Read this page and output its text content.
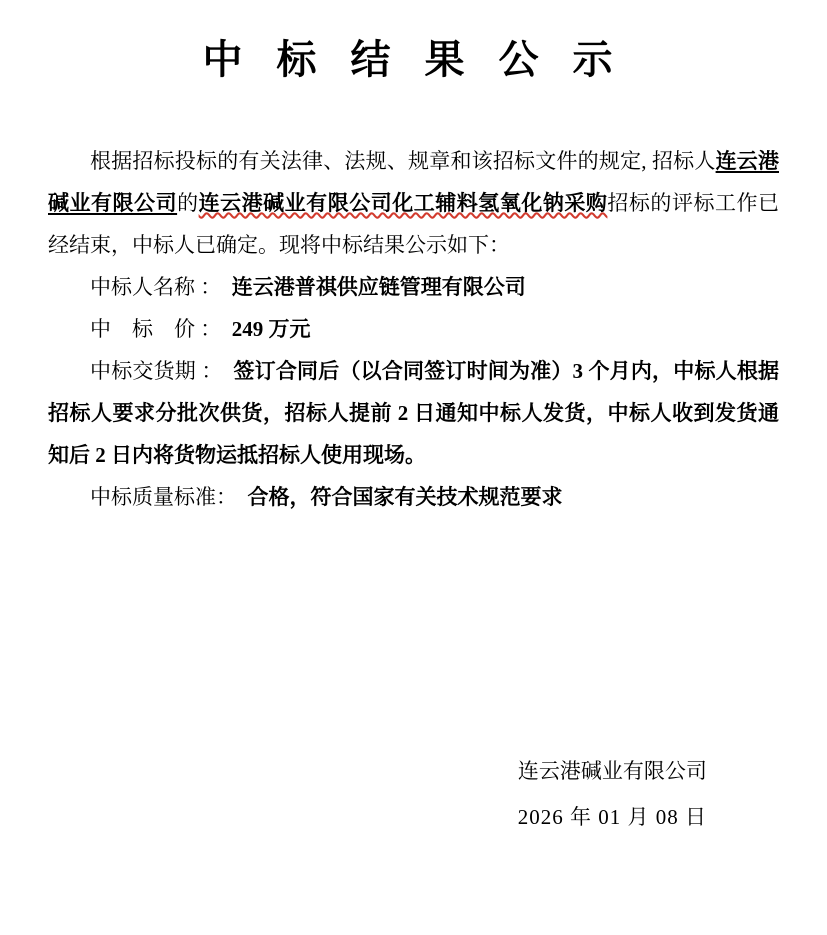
中 标 结 果 公 示

根据招标投标的有关法律、法规、规章和该招标文件的规定, 招标人连云港碱业有限公司的连云港碱业有限公司化工辅料氢氧化钠采购招标的评标工作已经结束，中标人已确定。现将中标结果公示如下：

中标人名称 ： 连云港普祺供应链管理有限公司

中　标　价 ： 249 万元

中标交货期 ： 签订合同后（以合同签订时间为准）3 个月内，中标人根据招标人要求分批次供货，招标人提前 2 日通知中标人发货，中标人收到发货通知后 2 日内将货物运抵招标人使用现场。

中标质量标准： 合格，符合国家有关技术规范要求

连云港碱业有限公司
2026 年 01 月 08 日
